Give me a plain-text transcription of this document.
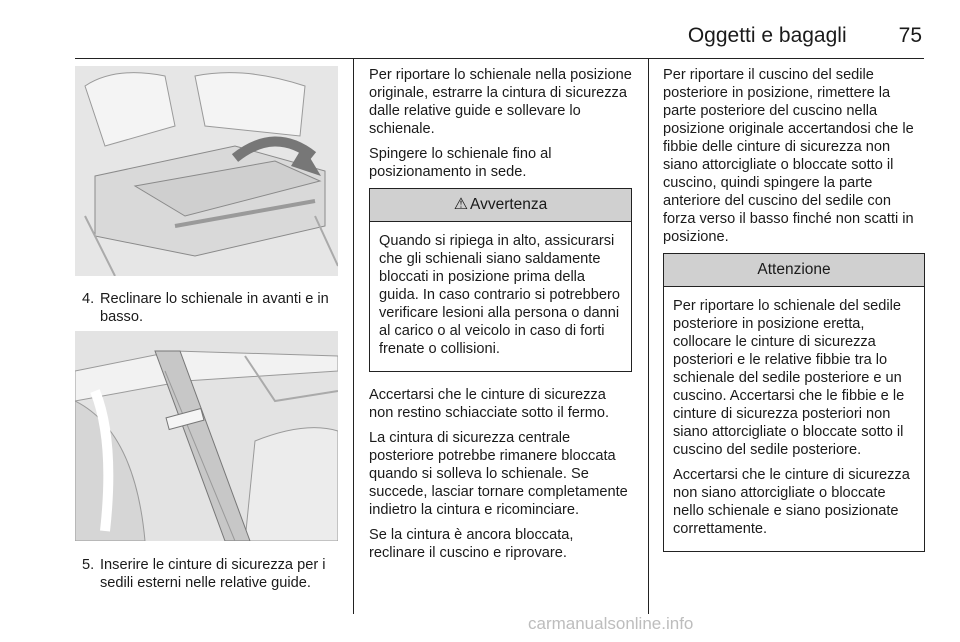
Oggetti e bagagli 75
4. Reclinare lo schienale in avanti e in basso.
5. Inserire le cinture di sicurezza per i sedili esterni nelle relative guide.

Per riportare lo schienale nella posizione originale, estrarre la cintura di sicurezza dalle relative guide e sollevare lo schienale.

Spingere lo schienale fino al posizionamento in sede.

⚠ Avvertenza

Quando si ripiega in alto, assicurarsi che gli schienali siano saldamente bloccati in posizione prima della guida. In caso contrario si potrebbero verificare lesioni alla persona o danni al carico o al veicolo in caso di forti frenate o collisioni.

Accertarsi che le cinture di sicurezza non restino schiacciate sotto il fermo.

La cintura di sicurezza centrale posteriore potrebbe rimanere bloccata quando si solleva lo schienale. Se succede, lasciar tornare completamente indietro la cintura e ricominciare.

Se la cintura è ancora bloccata, reclinare il cuscino e riprovare.

Per riportare il cuscino del sedile posteriore in posizione, rimettere la parte posteriore del cuscino nella posizione originale accertandosi che le fibbie delle cinture di sicurezza non siano attorcigliate o bloccate sotto il cuscino, quindi spingere la parte anteriore del cuscino del sedile con forza verso il basso finché non scatti in posizione.

Attenzione

Per riportare lo schienale del sedile posteriore in posizione eretta, collocare le cinture di sicurezza posteriori e le relative fibbie tra lo schienale del sedile posteriore e un cuscino. Accertarsi che le fibbie e le cinture di sicurezza posteriori non siano attorcigliate o bloccate sotto il cuscino del sedile posteriore.

Accertarsi che le cinture di sicurezza non siano attorcigliate o bloccate nello schienale e siano posizionate correttamente.

carmanualsonline.info
